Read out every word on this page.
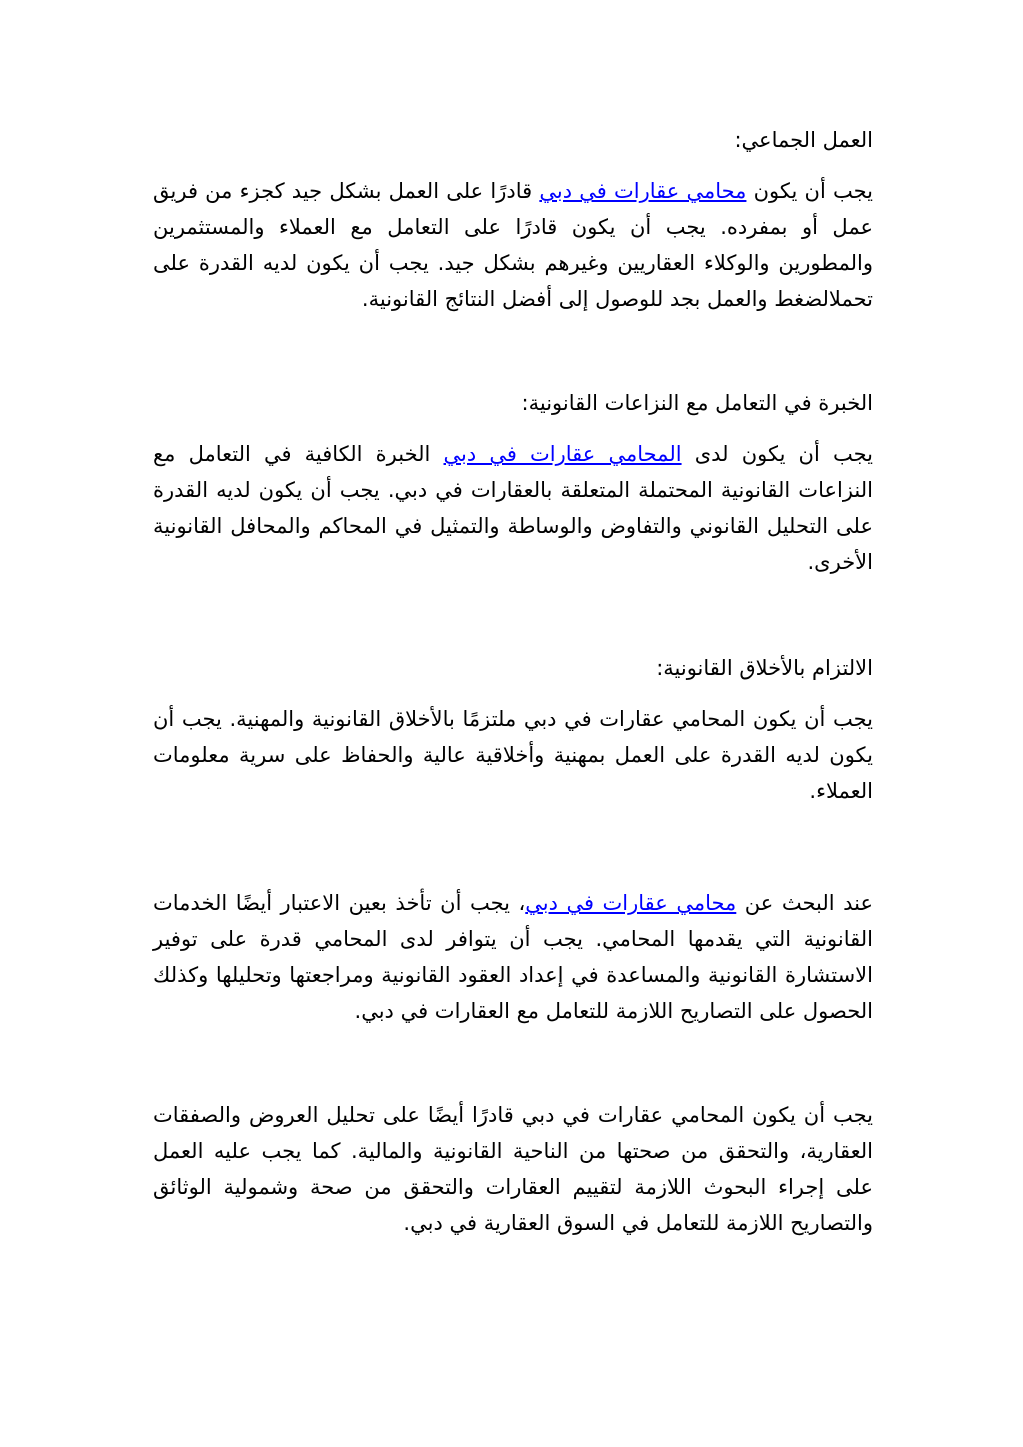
العمل الجماعي:

يجب أن يكون محامي عقارات في دبي قادرًا على العمل بشكل جيد كجزء من فريق عمل أو بمفرده. يجب أن يكون قادرًا على التعامل مع العملاء والمستثمرين والمطورين والوكلاء العقاريين وغيرهم بشكل جيد. يجب أن يكون لديه القدرة على تحملالضغط والعمل بجد للوصول إلى أفضل النتائج القانونية.

الخبرة في التعامل مع النزاعات القانونية:

يجب أن يكون لدى المحامي عقارات في دبي الخبرة الكافية في التعامل مع النزاعات القانونية المحتملة المتعلقة بالعقارات في دبي. يجب أن يكون لديه القدرة على التحليل القانوني والتفاوض والوساطة والتمثيل في المحاكم والمحافل القانونية الأخرى.

الالتزام بالأخلاق القانونية:

يجب أن يكون المحامي عقارات في دبي ملتزمًا بالأخلاق القانونية والمهنية. يجب أن يكون لديه القدرة على العمل بمهنية وأخلاقية عالية والحفاظ على سرية معلومات العملاء.

عند البحث عن محامي عقارات في دبي، يجب أن تأخذ بعين الاعتبار أيضًا الخدمات القانونية التي يقدمها المحامي. يجب أن يتوافر لدى المحامي قدرة على توفير الاستشارة القانونية والمساعدة في إعداد العقود القانونية ومراجعتها وتحليلها وكذلك الحصول على التصاريح اللازمة للتعامل مع العقارات في دبي.

يجب أن يكون المحامي عقارات في دبي قادرًا أيضًا على تحليل العروض والصفقات العقارية، والتحقق من صحتها من الناحية القانونية والمالية. كما يجب عليه العمل على إجراء البحوث اللازمة لتقييم العقارات والتحقق من صحة وشمولية الوثائق والتصاريح اللازمة للتعامل في السوق العقارية في دبي.
